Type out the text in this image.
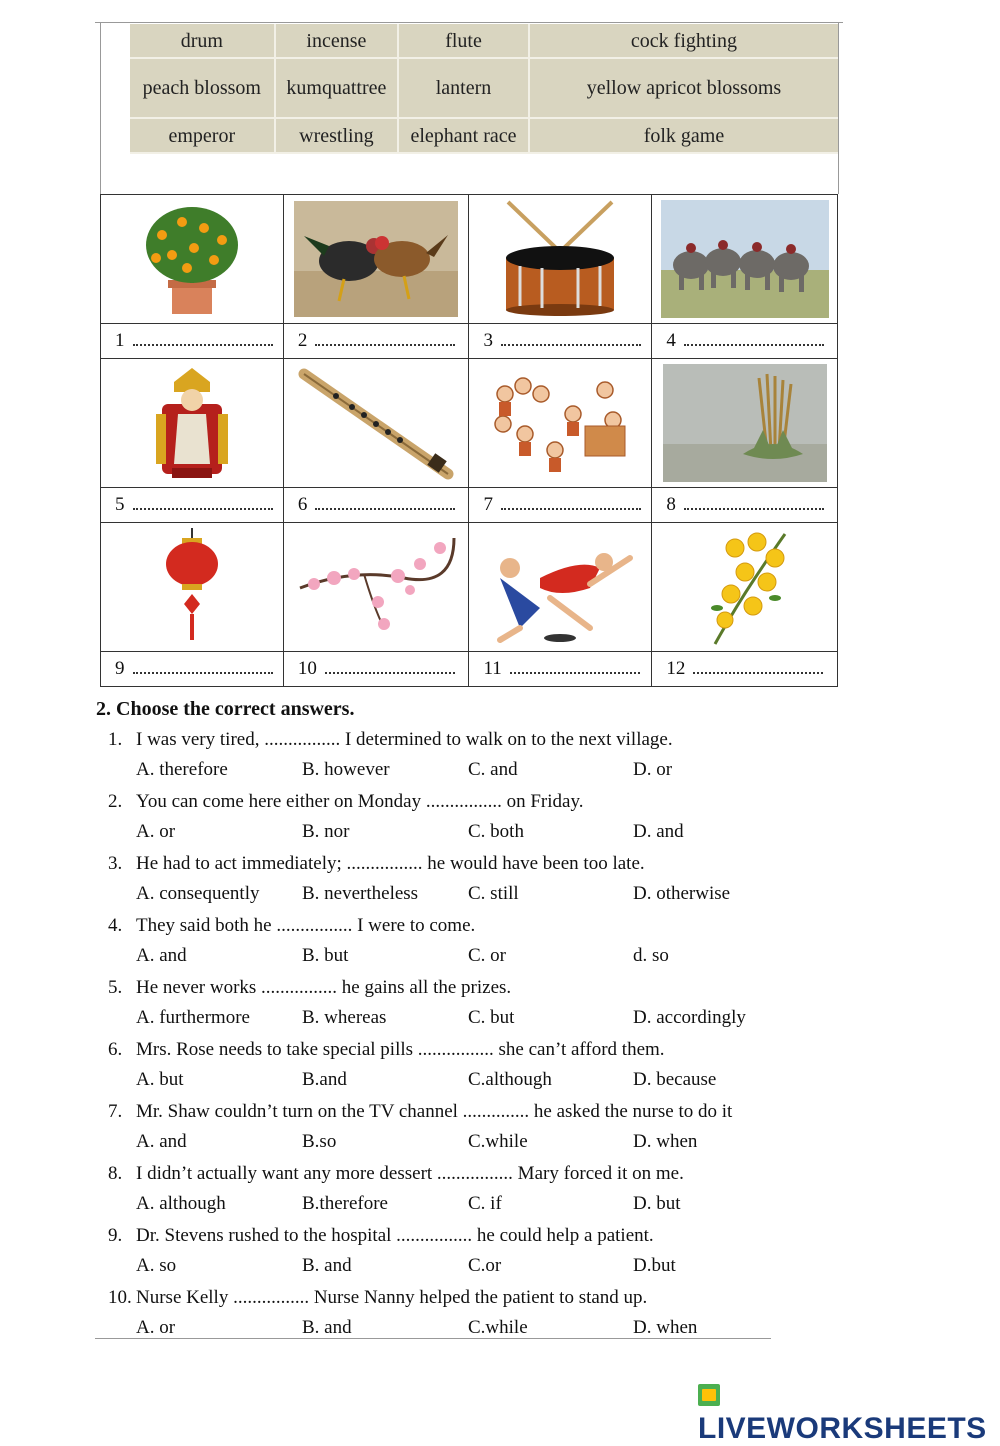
drum	incense	flute	cock fighting
peach blossom	kumquattree	lantern	yellow apricot blossoms
emperor	wrestling	elephant race	folk game

1	2	3	4

5	6	7	8

9	10	11	12

2. Choose the correct answers.

1. I was very tired, ................ I determined to walk on to the next village.
A. therefore	B. however	C. and	D. or
2. You can come here either on Monday ................ on Friday.
A. or	B. nor	C. both	D. and
3. He had to act immediately; ................ he would have been too late.
A. consequently B. nevertheless	C. still	D. otherwise
4. They said both he ................ I were to come.
A. and	B. but	C. or	d. so
5. He never works ................ he gains all the prizes.
A. furthermore	B. whereas	C. but	D. accordingly
6. Mrs. Rose needs to take special pills ................ she can’t afford them.
A. but	B.and	C.although	D. because
7. Mr. Shaw couldn’t turn on the TV channel .............. he asked the nurse to do it
A. and	B.so	C.while	D. when
8. I didn’t actually want any more dessert ................ Mary forced it on me.
A. although	B.therefore	C. if	D. but
9. Dr. Stevens rushed to the hospital ................ he could help a patient.
A. so	B. and	C.or	D.but
10. Nurse Kelly ................ Nurse Nanny helped the patient to stand up.
A. or	B. and	C.while	D. when
LIVEWORKSHEETS
